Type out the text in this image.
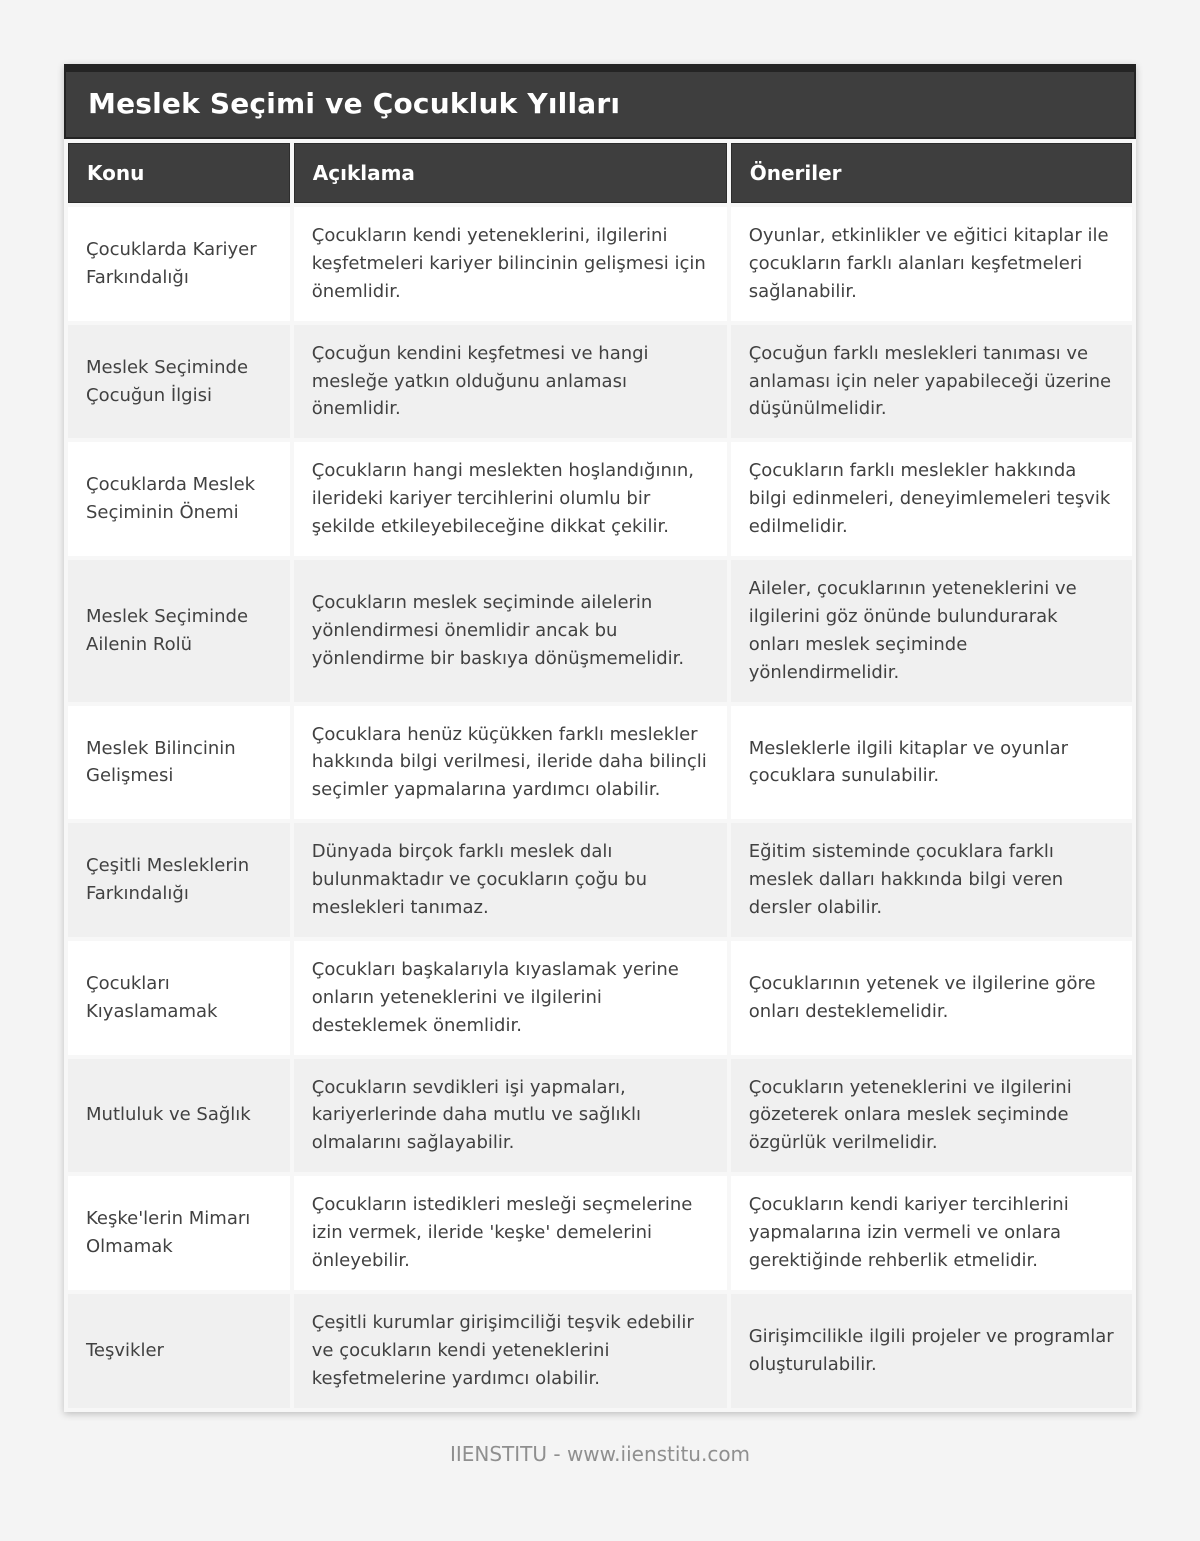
Meslek Seçimi ve Çocukluk Yılları
Konu	Açıklama	Öneriler
Çocuklarda Kariyer Farkındalığı	Çocukların kendi yeteneklerini, ilgilerini keşfetmeleri kariyer bilincinin gelişmesi için önemlidir.	Oyunlar, etkinlikler ve eğitici kitaplar ile çocukların farklı alanları keşfetmeleri sağlanabilir.
Meslek Seçiminde Çocuğun İlgisi	Çocuğun kendini keşfetmesi ve hangi mesleğe yatkın olduğunu anlaması önemlidir.	Çocuğun farklı meslekleri tanıması ve anlaması için neler yapabileceği üzerine düşünülmelidir.
Çocuklarda Meslek Seçiminin Önemi	Çocukların hangi meslekten hoşlandığının, ilerideki kariyer tercihlerini olumlu bir şekilde etkileyebileceğine dikkat çekilir.	Çocukların farklı meslekler hakkında bilgi edinmeleri, deneyimlemeleri teşvik edilmelidir.
Meslek Seçiminde Ailenin Rolü	Çocukların meslek seçiminde ailelerin yönlendirmesi önemlidir ancak bu yönlendirme bir baskıya dönüşmemelidir.	Aileler, çocuklarının yeteneklerini ve ilgilerini göz önünde bulundurarak onları meslek seçiminde yönlendirmelidir.
Meslek Bilincinin Gelişmesi	Çocuklara henüz küçükken farklı meslekler hakkında bilgi verilmesi, ileride daha bilinçli seçimler yapmalarına yardımcı olabilir.	Mesleklerle ilgili kitaplar ve oyunlar çocuklara sunulabilir.
Çeşitli Mesleklerin Farkındalığı	Dünyada birçok farklı meslek dalı bulunmaktadır ve çocukların çoğu bu meslekleri tanımaz.	Eğitim sisteminde çocuklara farklı meslek dalları hakkında bilgi veren dersler olabilir.
Çocukları Kıyaslamamak	Çocukları başkalarıyla kıyaslamak yerine onların yeteneklerini ve ilgilerini desteklemek önemlidir.	Çocuklarının yetenek ve ilgilerine göre onları desteklemelidir.
Mutluluk ve Sağlık	Çocukların sevdikleri işi yapmaları, kariyerlerinde daha mutlu ve sağlıklı olmalarını sağlayabilir.	Çocukların yeteneklerini ve ilgilerini gözeterek onlara meslek seçiminde özgürlük verilmelidir.
Keşke'lerin Mimarı Olmamak	Çocukların istedikleri mesleği seçmelerine izin vermek, ileride 'keşke' demelerini önleyebilir.	Çocukların kendi kariyer tercihlerini yapmalarına izin vermeli ve onlara gerektiğinde rehberlik etmelidir.
Teşvikler	Çeşitli kurumlar girişimciliği teşvik edebilir ve çocukların kendi yeteneklerini keşfetmelerine yardımcı olabilir.	Girişimcilikle ilgili projeler ve programlar oluşturulabilir.
IIENSTITU - www.iienstitu.com
